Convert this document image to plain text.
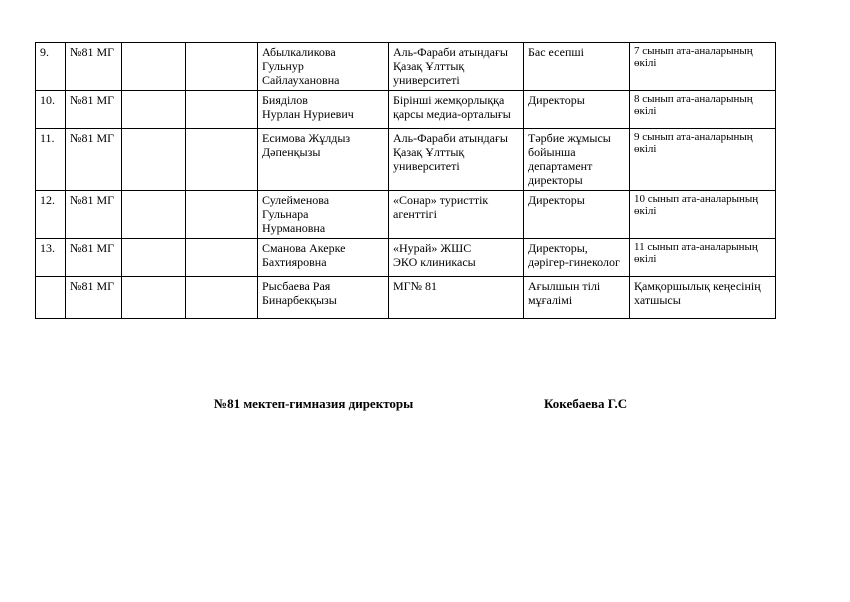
9.	№81 МГ			Абылкаликова
Гульнур
Сайлаухановна	Аль-Фараби атындағы
Қазақ Ұлттық
университеті	Бас есепші	7 сынып ата-аналарының
өкілі
10.	№81 МГ			Бияділов
Нурлан Нуриевич	Бірінші жемқорлыққа
қарсы медиа-орталығы	Директоры	8 сынып ата-аналарының
өкілі
11.	№81 МГ			Есимова Жұлдыз
Дәпенқызы	Аль-Фараби атындағы
Қазақ Ұлттық
университеті	Тәрбие жұмысы
бойынша
департамент
директоры	9 сынып ата-аналарының
өкілі
12.	№81 МГ			Сулейменова
Гульнара
Нурмановна	«Сонар» туристтік
агенттігі	Директоры	10 сынып ата-аналарының
өкілі
13.	№81 МГ			Сманова Акерке
Бахтияровна	«Нурай» ЖШС
ЭКО клиникасы	Директоры,
дәрігер-гинеколог	11 сынып ата-аналарының
өкілі
	№81 МГ			Рысбаева Рая
Бинарбекқызы	МГ№ 81	Ағылшын тілі
мұғалімі	Қамқоршылық кеңесінің
хатшысы
№81 мектеп-гимназия директоры	Кокебаева Г.С
